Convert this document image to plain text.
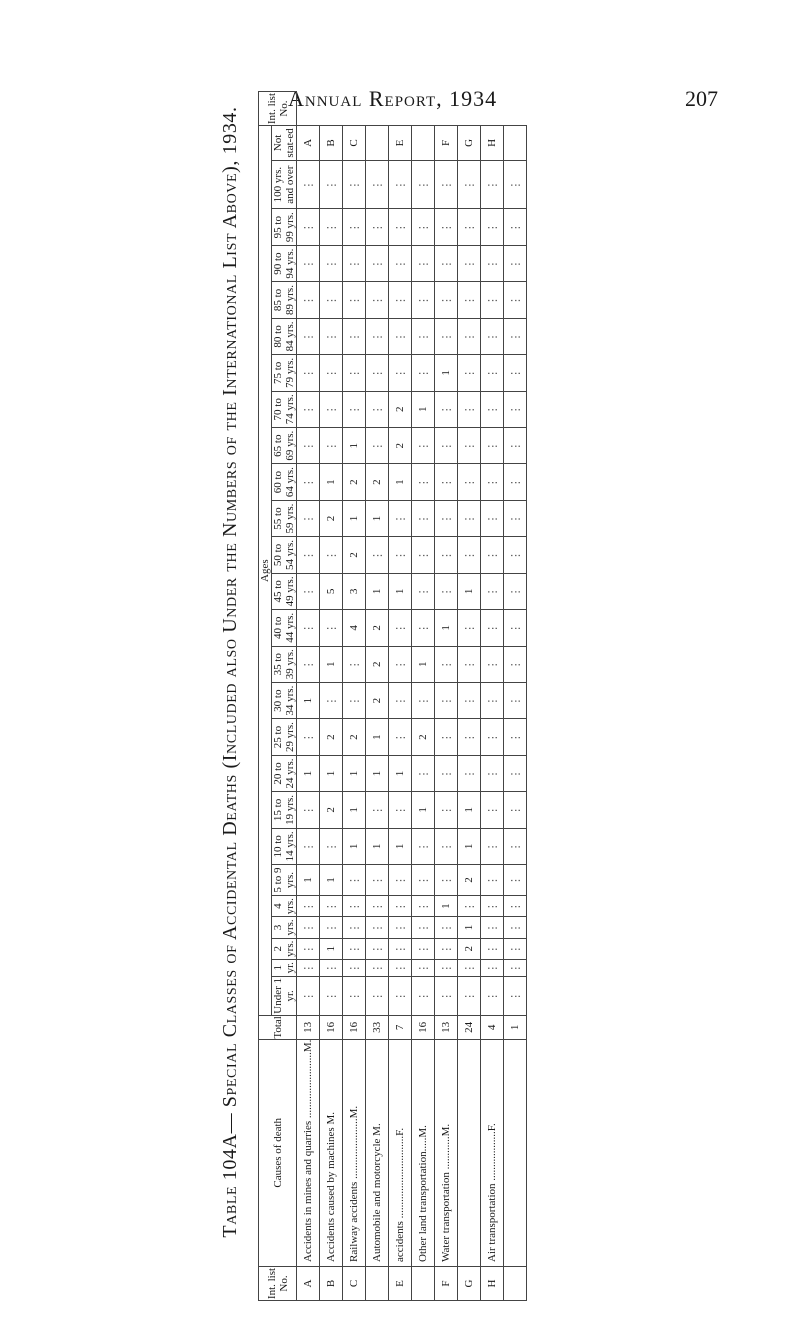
Annual Report, 1934	207
Table 104A— Special Classes of Accidental Deaths (Included also Under the Numbers of the International List Above), 1934.
Int. list No.	Causes of death	Total	Ages																										Int. list No.
			Under 1 yr.	1 yr.	2 yrs.	3 yrs.	4 yrs.	5 to 9 yrs.	10 to 14 yrs.	15 to 19 yrs.	20 to 24 yrs.	25 to 29 yrs.	30 to 34 yrs.	35 to 39 yrs.	40 to 44 yrs.	45 to 49 yrs.	50 to 54 yrs.	55 to 59 yrs.	60 to 64 yrs.	65 to 69 yrs.	70 to 74 yrs.	75 to 79 yrs.	80 to 84 yrs.	85 to 89 yrs.	90 to 94 yrs.	95 to 99 yrs.	100 yrs. and over	Not stat-ed	
A	Accidents in mines and quarries ........................M.	13	⋮	⋮	⋮	⋮	⋮	1	⋮	⋮	1	⋮	1	⋮	⋮	⋮	⋮	⋮	⋮	⋮	⋮	⋮	⋮	⋮	⋮	⋮	⋮	A	
B	Accidents caused by machines M.	16	⋮	⋮	1	⋮	⋮	1	⋮	2	1	2	⋮	1	⋮	5	⋮	2	1	⋮	⋮	⋮	⋮	⋮	⋮	⋮	⋮	B	
C	Railway accidents ......................M.	16	⋮	⋮	⋮	⋮	⋮	⋮	1	1	1	2	⋮	⋮	4	3	2	1	2	1	⋮	⋮	⋮	⋮	⋮	⋮	⋮	C	
	Automobile and motorcycle M.	33	⋮	⋮	⋮	⋮	⋮	⋮	1	⋮	1	1	2	2	2	1	⋮	1	2	⋮	⋮	⋮	⋮	⋮	⋮	⋮	⋮		
E	accidents ..............................F.	7	⋮	⋮	⋮	⋮	⋮	⋮	1	⋮	1	⋮	⋮	⋮	⋮	1	⋮	⋮	1	2	2	⋮	⋮	⋮	⋮	⋮	⋮	E	
	Other land transportation.....M.	16	⋮	⋮	⋮	⋮	⋮	⋮	⋮	1	⋮	2	⋮	1	⋮	⋮	⋮	⋮	⋮	⋮	1	⋮	⋮	⋮	⋮	⋮	⋮		
F	Water transportation ............M.	13	⋮	⋮	⋮	⋮	1	⋮	⋮	⋮	⋮	⋮	⋮	⋮	1	⋮	⋮	⋮	⋮	⋮	⋮	1	⋮	⋮	⋮	⋮	⋮	F	
G		24	⋮	⋮	2	1	⋮	2	1	1	⋮	⋮	⋮	⋮	⋮	1	⋮	⋮	⋮	⋮	⋮	⋮	⋮	⋮	⋮	⋮	⋮	G	
H	Air transportation ..................F.	4	⋮	⋮	⋮	⋮	⋮	⋮	⋮	⋮	⋮	⋮	⋮	⋮	⋮	⋮	⋮	⋮	⋮	⋮	⋮	⋮	⋮	⋮	⋮	⋮	⋮	H	
		1	⋮	⋮	⋮	⋮	⋮	⋮	⋮	⋮	⋮	⋮	⋮	⋮	⋮	⋮	⋮	⋮	⋮	⋮	⋮	⋮	⋮	⋮	⋮	⋮	⋮		
